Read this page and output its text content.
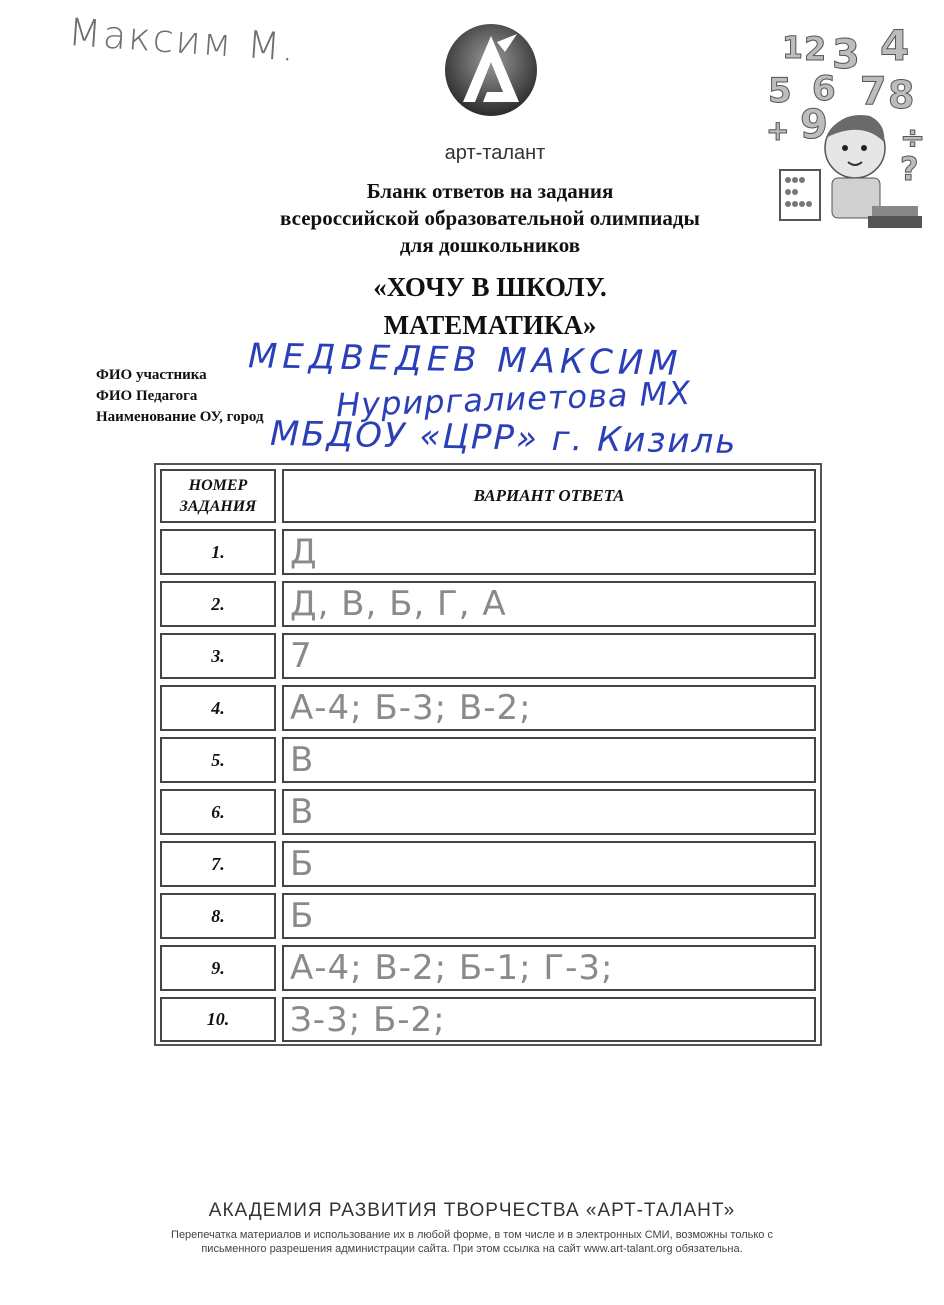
Максим М.
арт-талант
1 2 3 4
5 6 7 8
9
+	÷
?
Бланк ответов на задания
всероссийской образовательной олимпиады
для дошкольников
«ХОЧУ В ШКОЛУ.
МАТЕМАТИКА»
ФИО участника
ФИО Педагога
Наименование ОУ, город
МЕДВЕДЕВ МАКСИМ
Нуриргалиетова МХ
МБДОУ «ЦРР» г. Кизиль
НОМЕР
ЗАДАНИЯ
ВАРИАНТ ОТВЕТА
1.	Д
2.	Д, В, Б, Г, А
3.	7
4.	А-4; Б-3; В-2;
5.	В
6.	В
7.	Б
8.	Б
9.	А-4; В-2; Б-1; Г-3;
10.	З-3; Б-2;
АКАДЕМИЯ РАЗВИТИЯ ТВОРЧЕСТВА «АРТ-ТАЛАНТ»
Перепечатка материалов и использование их в любой форме, в том числе и в электронных СМИ, возможны только с
письменного разрешения администрации сайта. При этом ссылка на сайт www.art-talant.org обязательна.
